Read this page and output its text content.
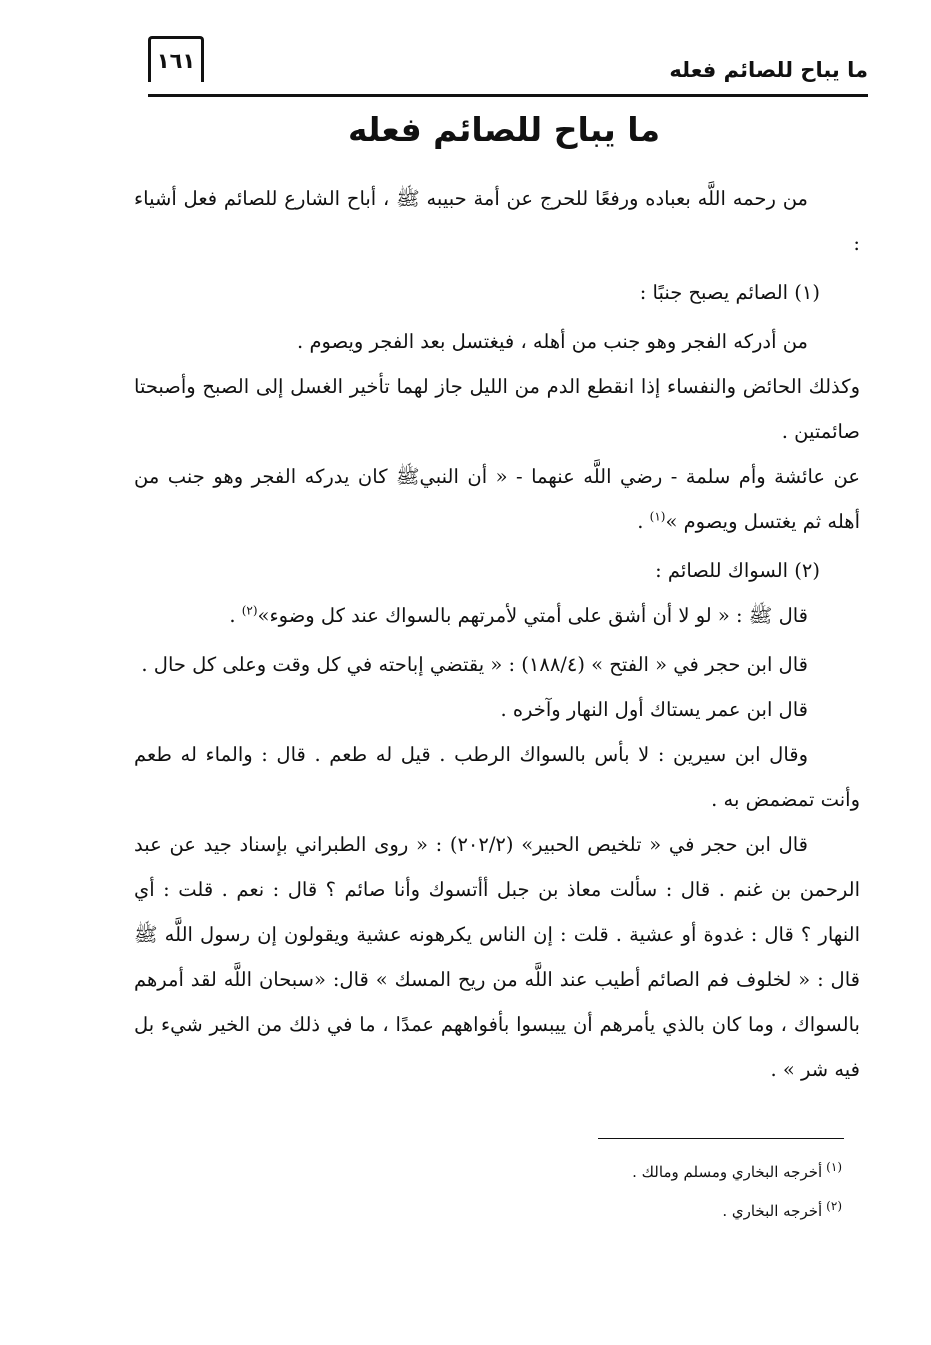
١٦١	ما يباح للصائم فعله
ما يباح للصائم فعله

من رحمه اللَّه بعباده ورفعًا للحرج عن أمة حبيبه ﷺ ، أباح الشارع للصائم فعل أشياء :

(١) الصائم يصبح جنبًا :

من أدركه الفجر وهو جنب من أهله ، فيغتسل بعد الفجر ويصوم .

وكذلك الحائض والنفساء إذا انقطع الدم من الليل جاز لهما تأخير الغسل إلى الصبح وأصبحتا صائمتين .

عن عائشة وأم سلمة - رضي اللَّه عنهما - « أن النبيﷺ كان يدركه الفجر وهو جنب من أهله ثم يغتسل ويصوم »$^{(١)}$ .

(٢) السواك للصائم :

قال ﷺ : « لو لا أن أشق على أمتي لأمرتهم بالسواك عند كل وضوء»$^{(٢)}$ .

قال ابن حجر في « الفتح » (١٨٨/٤) : « يقتضي إباحته في كل وقت وعلى كل حال .

قال ابن عمر يستاك أول النهار وآخره .

وقال ابن سيرين : لا بأس بالسواك الرطب . قيل له طعم . قال : والماء له طعم وأنت تمضمض به .

قال ابن حجر في « تلخيص الحبير» (٢٠٢/٢) : « روى الطبراني بإسناد جيد عن عبد الرحمن بن غنم . قال : سألت معاذ بن جبل أأتسوك وأنا صائم ؟ قال : نعم . قلت : أي النهار ؟ قال : غدوة أو عشية . قلت : إن الناس يكرهونه عشية ويقولون إن رسول اللَّه ﷺ قال : « لخلوف فم الصائم أطيب عند اللَّه من ريح المسك » قال: «سبحان اللَّه لقد أمرهم بالسواك ، وما كان بالذي يأمرهم أن ييبسوا بأفواههم عمدًا ، ما في ذلك من الخير شيء بل فيه شر » .

$^{(١)}$أخرجه البخاري ومسلم ومالك .

$^{(٢)}$أخرجه البخاري .
